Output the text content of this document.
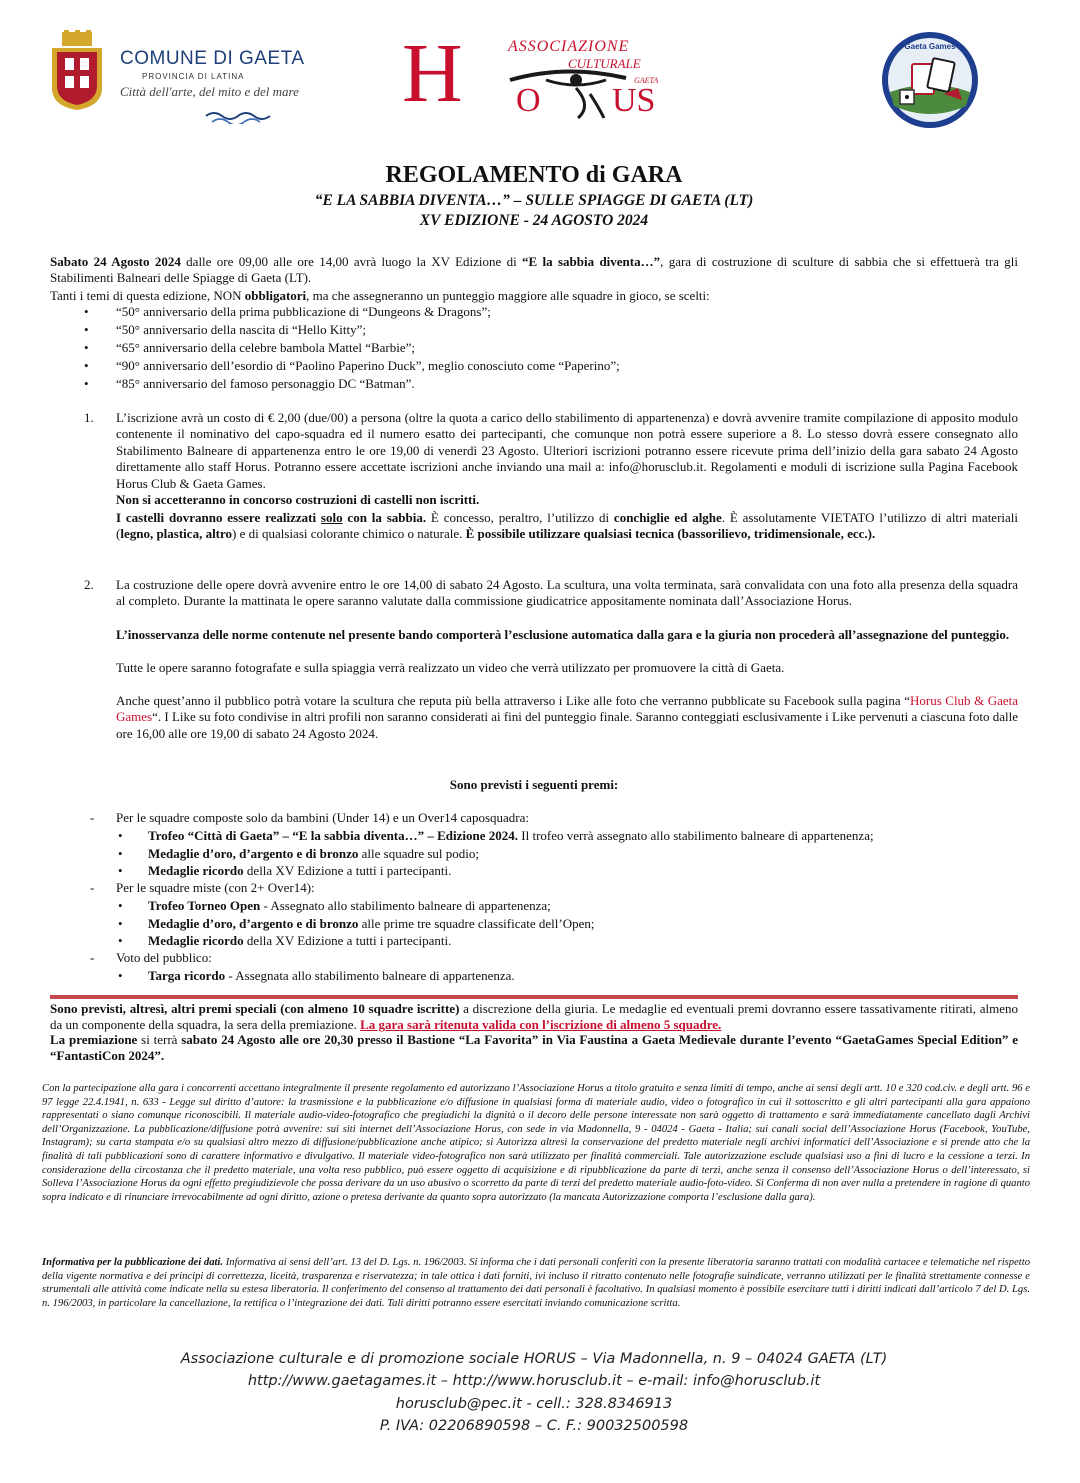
COMUNE DI GAETA
PROVINCIA DI LATINA
Città dell'arte, del mito e del mare H	ASSOCIAZIONE
CULTURALE
O US
GAETA
Gaeta Games
REGOLAMENTO di GARA
“E LA SABBIA DIVENTA…” – SULLE SPIAGGE DI GAETA (LT)
XV EDIZIONE - 24 AGOSTO 2024
Sabato 24 Agosto 2024 dalle ore 09,00 alle ore 14,00 avrà luogo la XV Edizione di “E la sabbia diventa…”, gara di costruzione di sculture di sabbia che si effettuerà tra gli Stabilimenti Balneari delle Spiagge di Gaeta (LT).
Tanti i temi di questa edizione, NON obbligatori, ma che assegneranno un punteggio maggiore alle squadre in gioco, se scelti:
• “50° anniversario della prima pubblicazione di “Dungeons & Dragons”;
• “50° anniversario della nascita di “Hello Kitty”;
• “65° anniversario della celebre bambola Mattel “Barbie”;
• “90° anniversario dell’esordio di “Paolino Paperino Duck”, meglio conosciuto come “Paperino”;
• “85° anniversario del famoso personaggio DC “Batman”.
1. L’iscrizione avrà un costo di € 2,00 (due/00) a persona (oltre la quota a carico dello stabilimento di appartenenza) e dovrà avvenire tramite compilazione di apposito modulo contenente il nominativo del capo-squadra ed il numero esatto dei partecipanti, che comunque non potrà essere superiore a 8. Lo stesso dovrà essere consegnato allo Stabilimento Balneare di appartenenza entro le ore 19,00 di venerdì 23 Agosto. Ulteriori iscrizioni potranno essere ricevute prima dell’inizio della gara sabato 24 Agosto direttamente allo staff Horus. Potranno essere accettate iscrizioni anche inviando una mail a: info@horusclub.it. Regolamenti e moduli di iscrizione sulla Pagina Facebook Horus Club & Gaeta Games.
Non si accetteranno in concorso costruzioni di castelli non iscritti.
I castelli dovranno essere realizzati solo con la sabbia. È concesso, peraltro, l’utilizzo di conchiglie ed alghe. È assolutamente VIETATO l’utilizzo di altri materiali (legno, plastica, altro) e di qualsiasi colorante chimico o naturale. È possibile utilizzare qualsiasi tecnica (bassorilievo, tridimensionale, ecc.).
2. La costruzione delle opere dovrà avvenire entro le ore 14,00 di sabato 24 Agosto. La scultura, una volta terminata, sarà convalidata con una foto alla presenza della squadra al completo. Durante la mattinata le opere saranno valutate dalla commissione giudicatrice appositamente nominata dall’Associazione Horus.
L’inosservanza delle norme contenute nel presente bando comporterà l’esclusione automatica dalla gara e la giuria non procederà all’assegnazione del punteggio.
Tutte le opere saranno fotografate e sulla spiaggia verrà realizzato un video che verrà utilizzato per promuovere la città di Gaeta.
Anche quest’anno il pubblico potrà votare la scultura che reputa più bella attraverso i Like alle foto che verranno pubblicate su Facebook sulla pagina “Horus Club & Gaeta Games“. I Like su foto condivise in altri profili non saranno considerati ai fini del punteggio finale. Saranno conteggiati esclusivamente i Like pervenuti a ciascuna foto dalle ore 16,00 alle ore 19,00 di sabato 24 Agosto 2024.
Sono previsti i seguenti premi:
- Per le squadre composte solo da bambini (Under 14) e un Over14 caposquadra:
• Trofeo “Città di Gaeta” – “E la sabbia diventa…” – Edizione 2024. Il trofeo verrà assegnato allo stabilimento balneare di appartenenza;
• Medaglie d’oro, d’argento e di bronzo alle squadre sul podio;
• Medaglie ricordo della XV Edizione a tutti i partecipanti.
- Per le squadre miste (con 2+ Over14):
• Trofeo Torneo Open - Assegnato allo stabilimento balneare di appartenenza;
• Medaglie d’oro, d’argento e di bronzo alle prime tre squadre classificate dell’Open;
• Medaglie ricordo della XV Edizione a tutti i partecipanti.
- Voto del pubblico:
• Targa ricordo - Assegnata allo stabilimento balneare di appartenenza.
Sono previsti, altresì, altri premi speciali (con almeno 10 squadre iscritte) a discrezione della giuria. Le medaglie ed eventuali premi dovranno essere tassativamente ritirati, almeno da un componente della squadra, la sera della premiazione. La gara sarà ritenuta valida con l’iscrizione di almeno 5 squadre.
La premiazione si terrà sabato 24 Agosto alle ore 20,30 presso il Bastione “La Favorita” in Via Faustina a Gaeta Medievale durante l’evento “GaetaGames Special Edition” e “FantastiCon 2024”.
Con la partecipazione alla gara i concorrenti accettano integralmente il presente regolamento ed autorizzano l’Associazione Horus a titolo gratuito e senza limiti di tempo, anche ai sensi degli artt. 10 e 320 cod.civ. e degli artt. 96 e 97 legge 22.4.1941, n. 633 - Legge sul diritto d’autore: la trasmissione e la pubblicazione e/o diffusione in qualsiasi forma di materiale audio, video o fotografico in cui il sottoscritto e gli altri partecipanti alla gara appaiono rappresentati o siano comunque riconoscibili. Il materiale audio-video-fotografico che pregiudichi la dignità o il decoro delle persone interessate non sarà oggetto di trattamento e sarà immediatamente cancellato dagli Archivi dell’Organizzazione. La pubblicazione/diffusione potrà avvenire: sui siti internet dell’Associazione Horus, con sede in via Madonnella, 9 - 04024 - Gaeta - Italia; sui canali social dell’Associazione Horus (Facebook, YouTube, Instagram); su carta stampata e/o su qualsiasi altro mezzo di diffusione/pubblicazione anche atipico; si Autorizza altresì la conservazione del predetto materiale negli archivi informatici dell’Associazione e si prende atto che la finalità di tali pubblicazioni sono di carattere informativo e divulgativo. Il materiale video-fotografico non sarà utilizzato per finalità commerciali. Tale autorizzazione esclude qualsiasi uso a fini di lucro e la cessione a terzi. In considerazione della circostanza che il predetto materiale, una volta reso pubblico, può essere oggetto di acquisizione e di ripubblicazione da parte di terzi, anche senza il consenso dell’Associazione Horus o dell’interessato, si Solleva l’Associazione Horus da ogni effetto pregiudizievole che possa derivare da un uso abusivo o scorretto da parte di terzi del predetto materiale audio-foto-video. Si Conferma di non aver nulla a pretendere in ragione di quanto sopra indicato e di rinunciare irrevocabilmente ad ogni diritto, azione o pretesa derivante da quanto sopra autorizzato (la mancata Autorizzazione comporta l’esclusione dalla gara).
Informativa per la pubblicazione dei dati. Informativa ai sensi dell’art. 13 del D. Lgs. n. 196/2003. Si informa che i dati personali conferiti con la presente liberatoria saranno trattati con modalità cartacee e telematiche nel rispetto della vigente normativa e dei principi di correttezza, liceità, trasparenza e riservatezza; in tale ottica i dati forniti, ivi incluso il ritratto contenuto nelle fotografie suindicate, verranno utilizzati per le finalità strettamente connesse e strumentali alle attività come indicate nella su estesa liberatoria. Il conferimento del consenso al trattamento dei dati personali è facoltativo. In qualsiasi momento è possibile esercitare tutti i diritti indicati dall’articolo 7 del D. Lgs. n. 196/2003, in particolare la cancellazione, la rettifica o l’integrazione dei dati. Tali diritti potranno essere esercitati inviando comunicazione scritta.
Associazione culturale e di promozione sociale HORUS – Via Madonnella, n. 9 – 04024 GAETA (LT)
http://www.gaetagames.it – http://www.horusclub.it – e-mail: info@horusclub.it
horusclub@pec.it - cell.: 328.8346913
P. IVA: 02206890598 – C. F.: 90032500598
